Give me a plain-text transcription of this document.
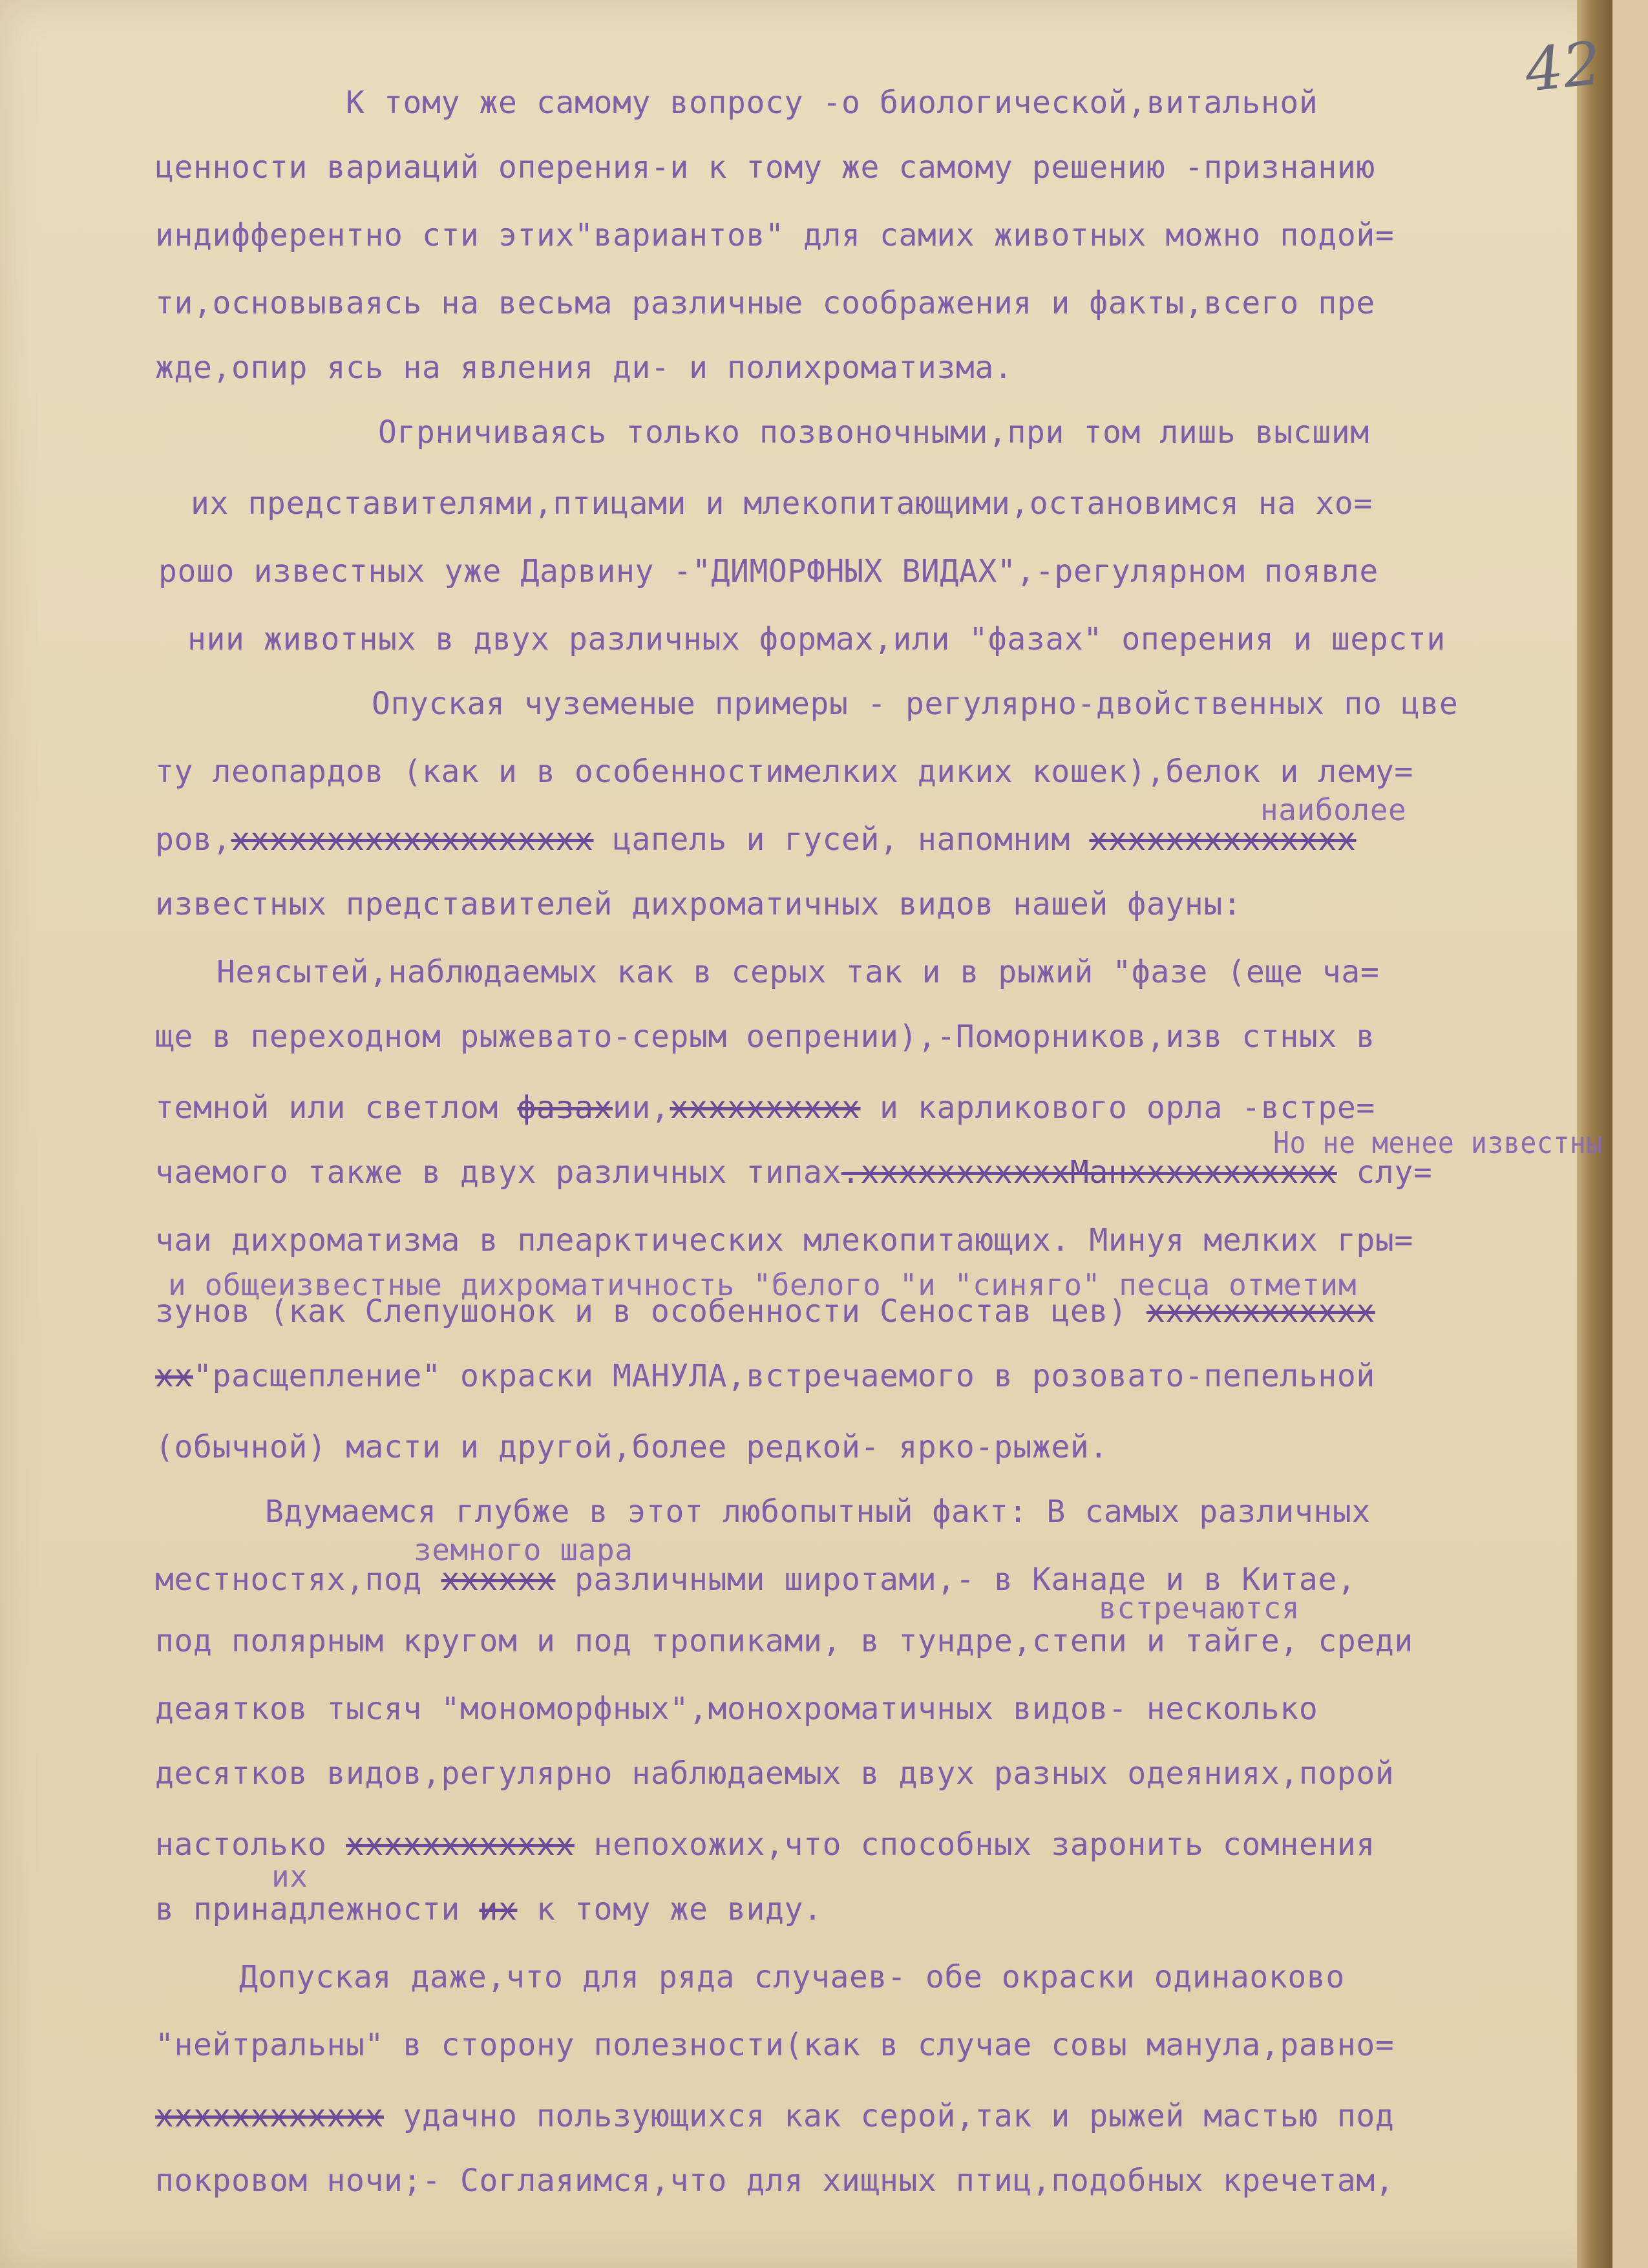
42
К тому же самому вопросу -о биологической,витальной
ценности вариаций оперения-и к тому же самому решению -признанию
индифферентно сти этих"вариантов" для самих животных можно подой=
ти,основываясь на весьма различные соображения и факты,всего пре
жде,опир ясь на явления ди- и полихроматизма.
Огрничиваясь только позвоночными,при том лишь высшим
их представителями,птицами и млекопитающими,остановимся на хо=
рошо известных уже Дарвину -"ДИМОРФНЫХ ВИДАХ",-регулярном появле
нии животных в двух различных формах,или "фазах" оперения и шерсти
Опуская чуземеные примеры - регулярно-двойственных по цве
ту леопардов (как и в особенностимелких диких кошек),белок и лему=
наиболее
ров,ххххххххххххххххххх цапель и гусей, напомним хххххххххххххх
известных представителей дихроматичных видов нашей фауны:
Неясытей,наблюдаемых как в серых так и в рыжий "фазе (еще ча=
ще в переходном рыжевато-серым оепрении),-Поморников,изв стных в
темной или светлом фазахии,хххххххххх и карликового орла -встре=
Но не менее известны
чаемого также в двух различных типах.хххххххххххМанххххххххххх слу=
чаи дихроматизма в плеарктических млекопитающих. Минуя мелких гры=
и общеизвестные дихроматичность "белого "и "синяго" песца отметим
зунов (как Слепушонок и в особенности Сеностав цев) хххххххххххх
хх"расщепление" окраски МАНУЛА,встречаемого в розовато-пепельной
(обычной) масти и другой,более редкой- ярко-рыжей.
Вдумаемся глубже в этот любопытный факт: В самых различных
земного шара
местностях,под хххххх различными широтами,- в Канаде и в Китае,
встречаются
под полярным кругом и под тропиками, в тундре,степи и тайге, среди
деаятков тысяч "мономорфных",монохроматичных видов- несколько
десятков видов,регулярно наблюдаемых в двух разных одеяниях,порой
настолько хххххххххххх непохожих,что способных заронить сомнения
их
в принадлежности их к тому же виду.
Допуская даже,что для ряда случаев- обе окраски одинаоково
"нейтральны" в сторону полезности(как в случае совы манула,равно=
хххххххххххх удачно пользующихся как серой,так и рыжей мастью под
покровом ночи;- Соглаяимся,что для хищных птиц,подобных кречетам,
